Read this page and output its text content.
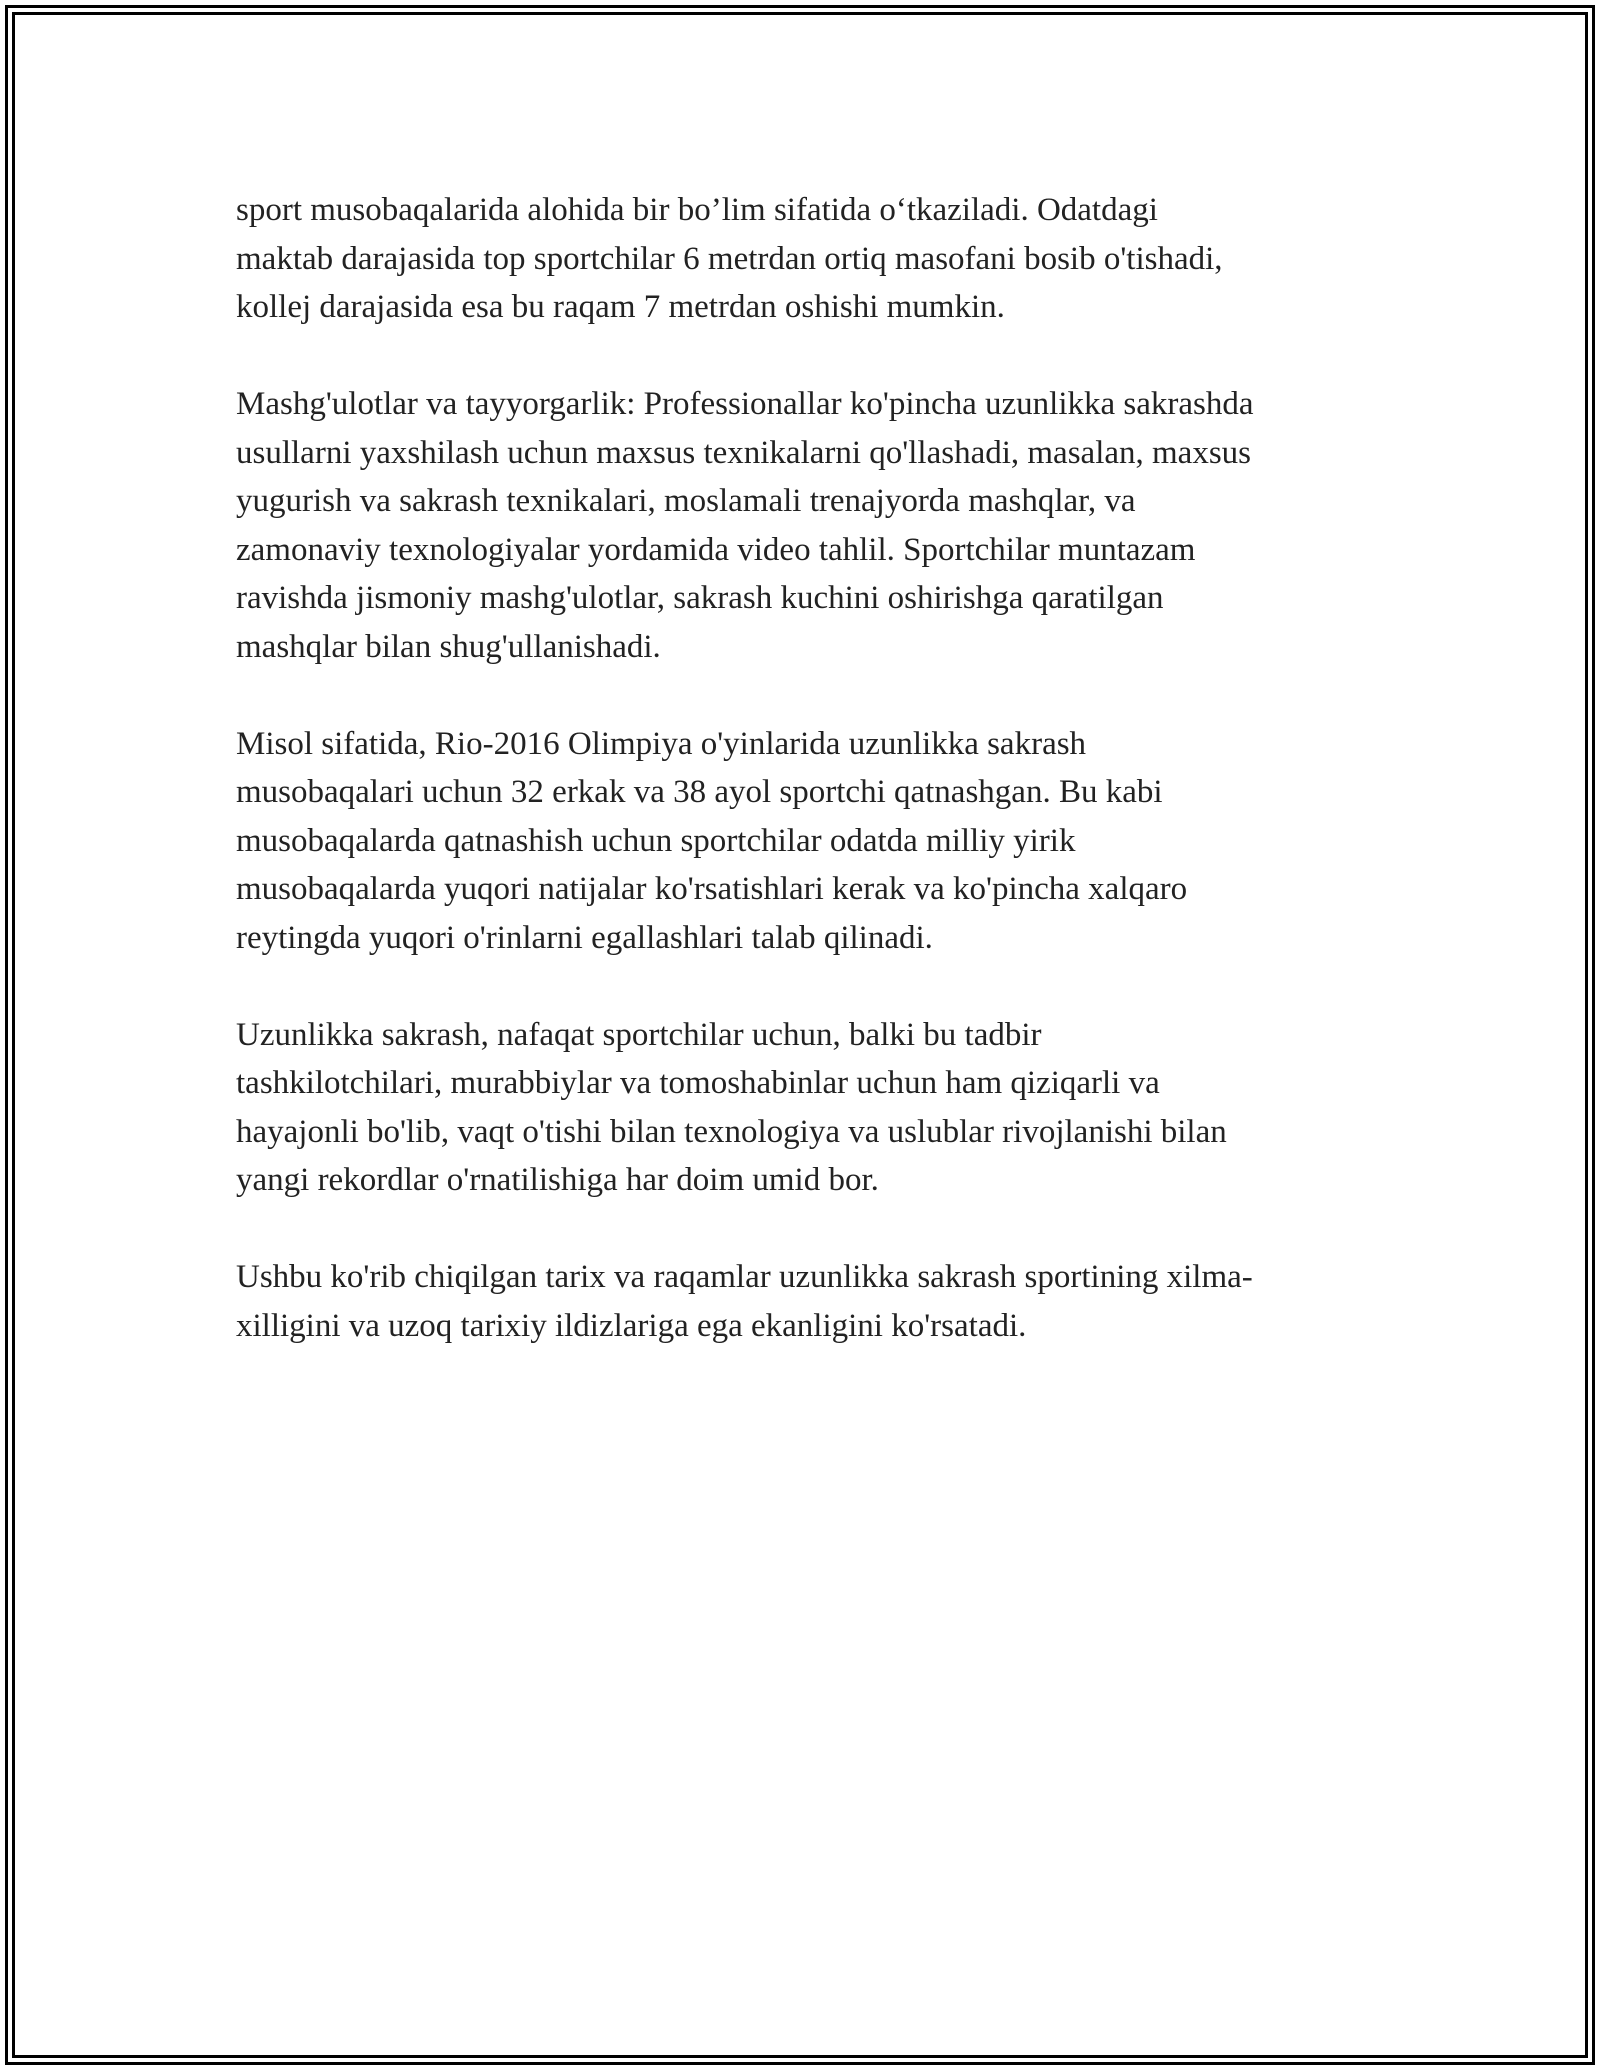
sport musobaqalarida alohida bir bo’lim sifatida o‘tkaziladi. Odatdagi
maktab darajasida top sportchilar 6 metrdan ortiq masofani bosib o'tishadi,
kollej darajasida esa bu raqam 7 metrdan oshishi mumkin.

Mashg'ulotlar va tayyorgarlik: Professionallar ko'pincha uzunlikka sakrashda
usullarni yaxshilash uchun maxsus texnikalarni qo'llashadi, masalan, maxsus
yugurish va sakrash texnikalari, moslamali trenajyorda mashqlar, va
zamonaviy texnologiyalar yordamida video tahlil. Sportchilar muntazam
ravishda jismoniy mashg'ulotlar, sakrash kuchini oshirishga qaratilgan
mashqlar bilan shug'ullanishadi.

Misol sifatida, Rio-2016 Olimpiya o'yinlarida uzunlikka sakrash
musobaqalari uchun 32 erkak va 38 ayol sportchi qatnashgan. Bu kabi
musobaqalarda qatnashish uchun sportchilar odatda milliy yirik
musobaqalarda yuqori natijalar ko'rsatishlari kerak va ko'pincha xalqaro
reytingda yuqori o'rinlarni egallashlari talab qilinadi.

Uzunlikka sakrash, nafaqat sportchilar uchun, balki bu tadbir
tashkilotchilari, murabbiylar va tomoshabinlar uchun ham qiziqarli va
hayajonli bo'lib, vaqt o'tishi bilan texnologiya va uslublar rivojlanishi bilan
yangi rekordlar o'rnatilishiga har doim umid bor.

Ushbu ko'rib chiqilgan tarix va raqamlar uzunlikka sakrash sportining xilma-
xilligini va uzoq tarixiy ildizlariga ega ekanligini ko'rsatadi.
